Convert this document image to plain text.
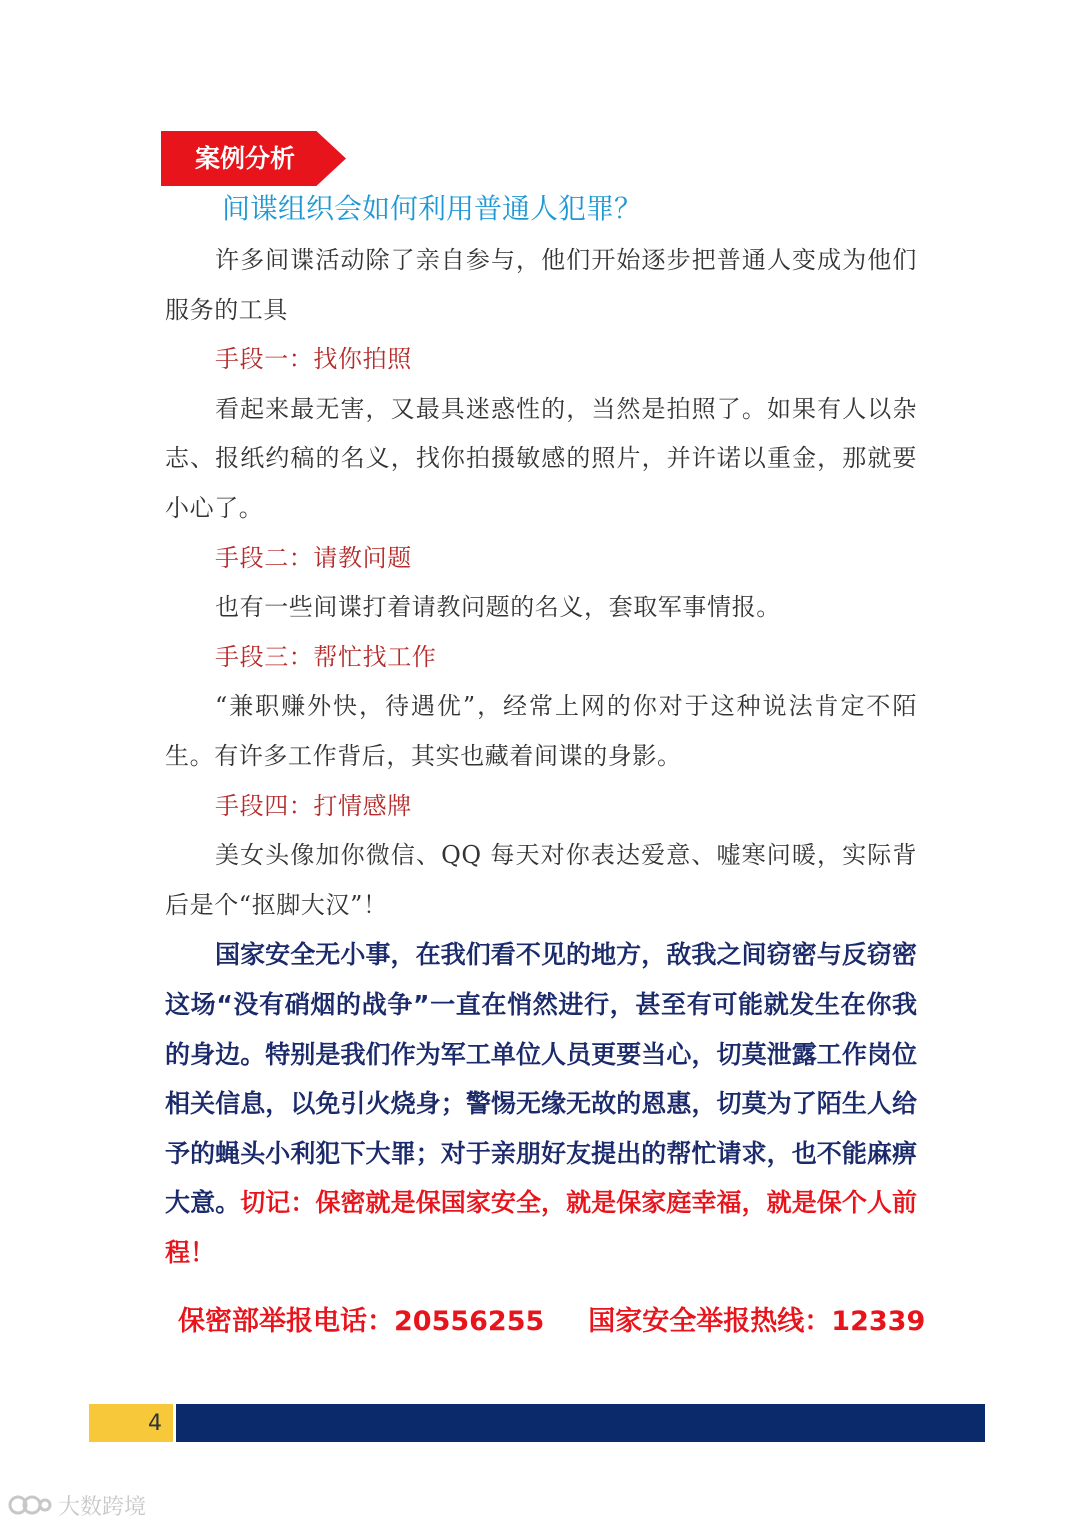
案例分析
间谍组织会如何利用普通人犯罪？

许多间谍活动除了亲自参与，他们开始逐步把普通人变成为他们服务的工具

手段一：找你拍照

看起来最无害，又最具迷惑性的，当然是拍照了。如果有人以杂志、报纸约稿的名义，找你拍摄敏感的照片，并许诺以重金，那就要小心了。

手段二：请教问题

也有一些间谍打着请教问题的名义，套取军事情报。

手段三：帮忙找工作

“兼职赚外快，待遇优”，经常上网的你对于这种说法肯定不陌生。有许多工作背后，其实也藏着间谍的身影。

手段四：打情感牌

美女头像加你微信、QQ 每天对你表达爱意、嘘寒问暖，实际背后是个“抠脚大汉”！

国家安全无小事，在我们看不见的地方，敌我之间窃密与反窃密这场“没有硝烟的战争”一直在悄然进行，甚至有可能就发生在你我的身边。特别是我们作为军工单位人员更要当心，切莫泄露工作岗位相关信息，以免引火烧身；警惕无缘无故的恩惠，切莫为了陌生人给予的蝇头小利犯下大罪；对于亲朋好友提出的帮忙请求，也不能麻痹大意。切记：保密就是保国家安全，就是保家庭幸福，就是保个人前程！

保密部举报电话：20556255 国家安全举报热线：12339
4
大数跨境
